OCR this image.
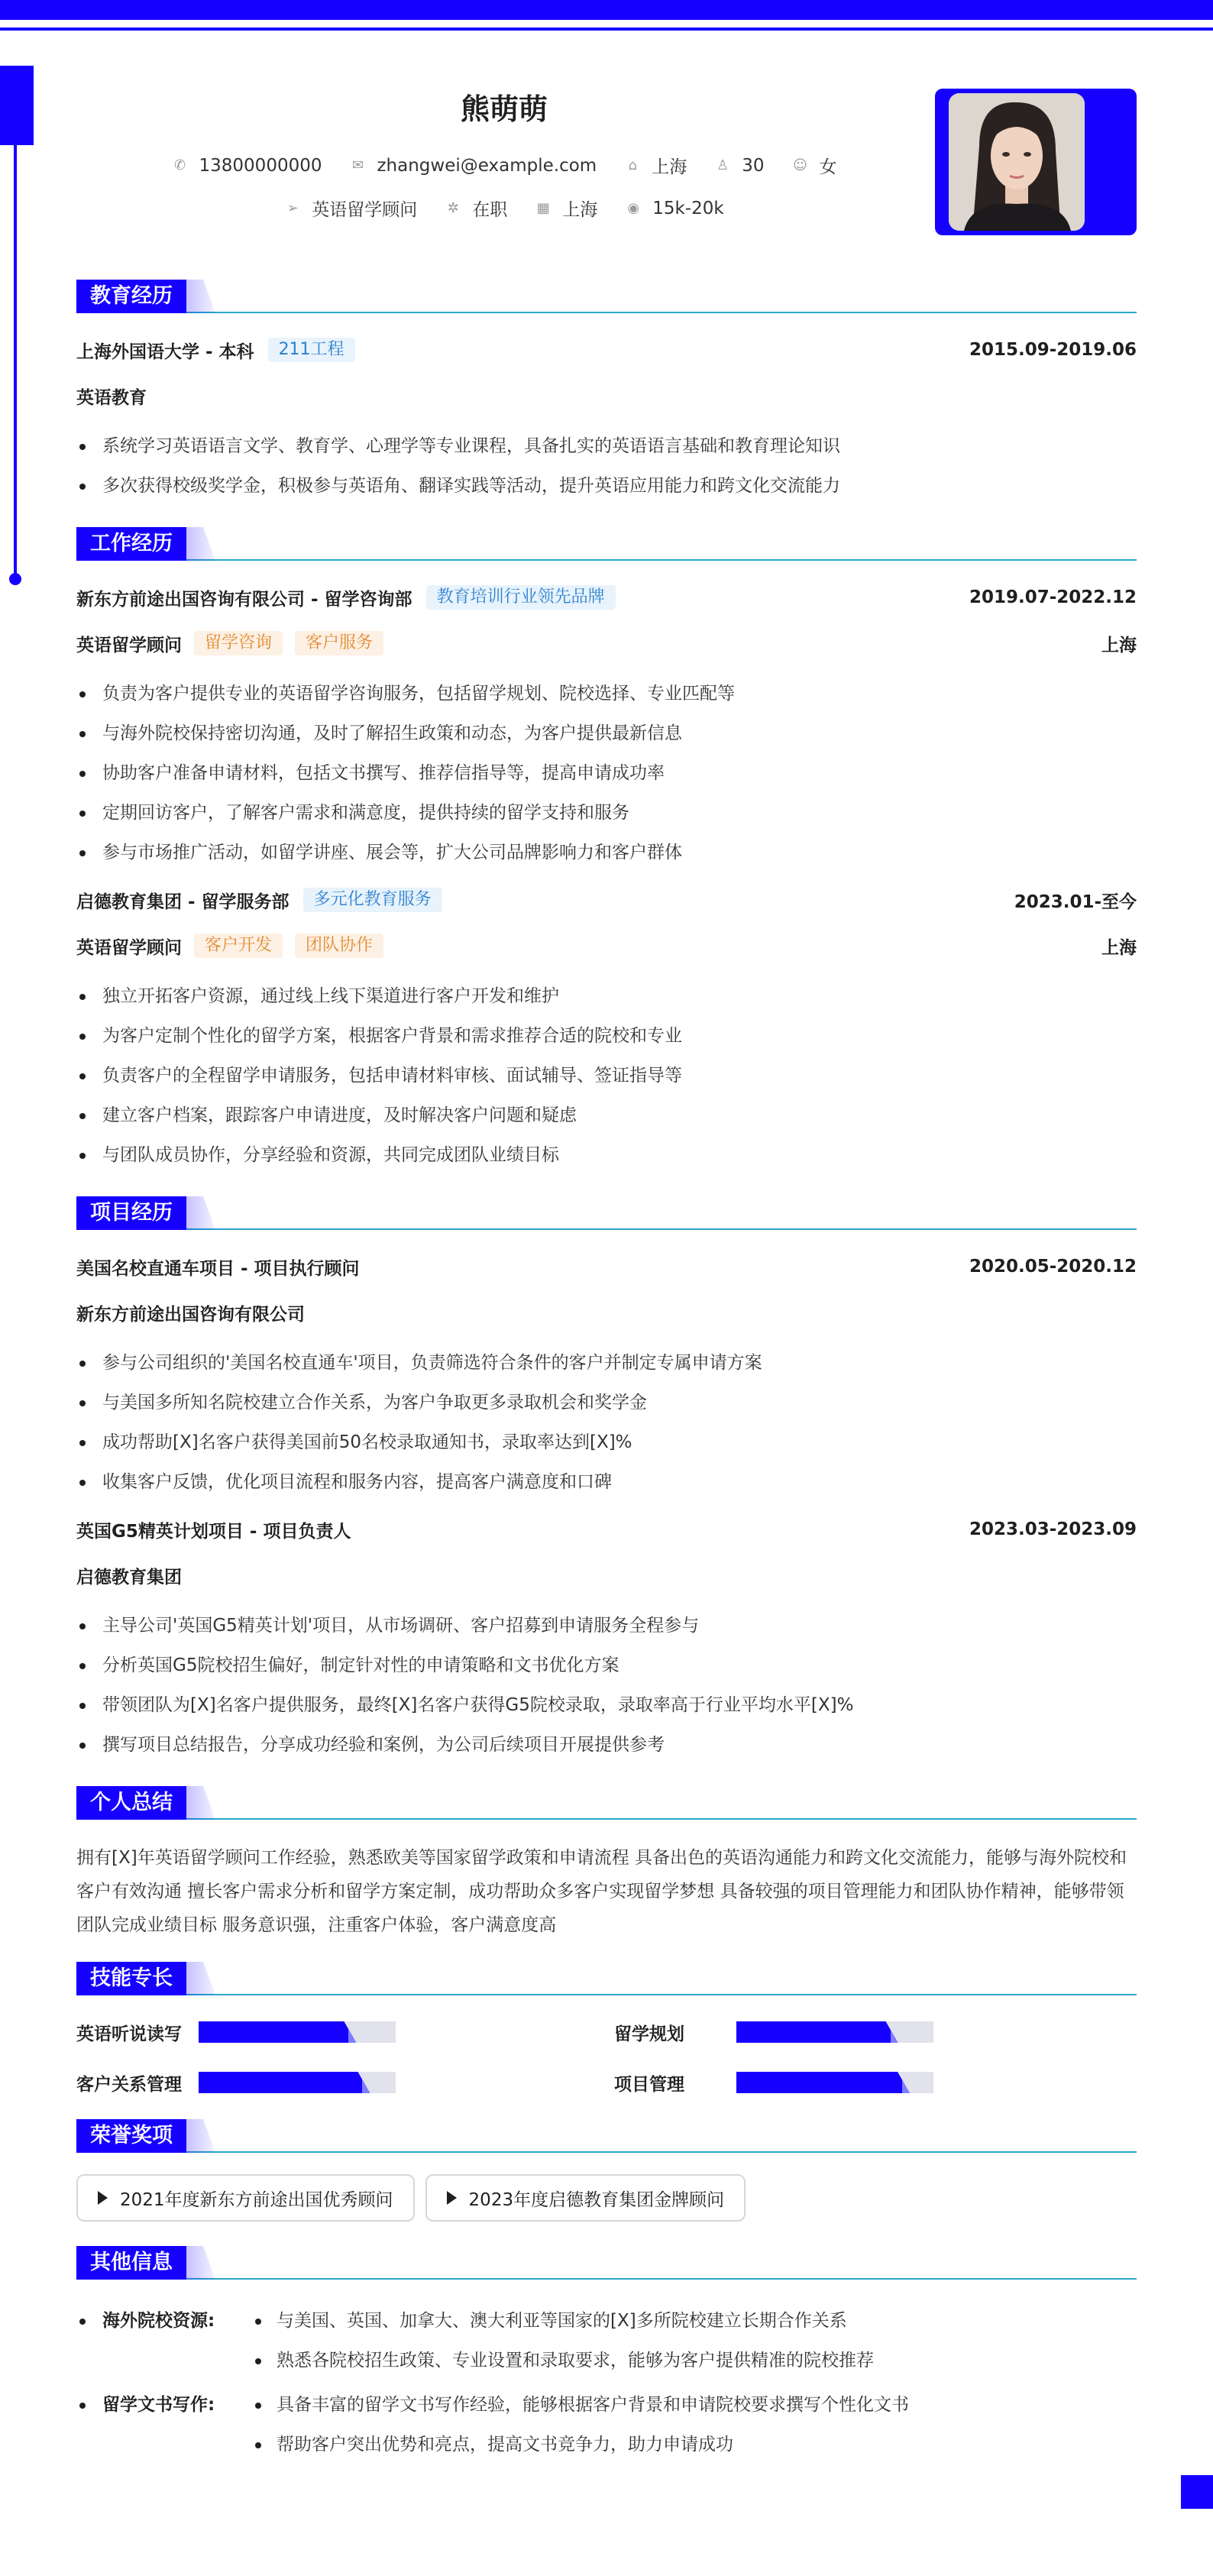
熊萌萌
✆ 13800000000 ✉ zhangwei@example.com ⌂ 上海 ♙ 30 ☺ 女
➢ 英语留学顾问 ✲ 在职 ▦ 上海 ◉ 15k-20k
教育经历
上海外国语大学 - 本科	211工程	2015.09-2019.06
英语教育
系统学习英语语言文学、教育学、心理学等专业课程，具备扎实的英语语言基础和教育理论知识
多次获得校级奖学金，积极参与英语角、翻译实践等活动，提升英语应用能力和跨文化交流能力
工作经历
新东方前途出国咨询有限公司 - 留学咨询部	教育培训行业领先品牌	2019.07-2022.12
英语留学顾问	留学咨询	客户服务	上海
负责为客户提供专业的英语留学咨询服务，包括留学规划、院校选择、专业匹配等
与海外院校保持密切沟通，及时了解招生政策和动态，为客户提供最新信息
协助客户准备申请材料，包括文书撰写、推荐信指导等，提高申请成功率
定期回访客户，了解客户需求和满意度，提供持续的留学支持和服务
参与市场推广活动，如留学讲座、展会等，扩大公司品牌影响力和客户群体
启德教育集团 - 留学服务部	多元化教育服务	2023.01-至今
英语留学顾问	客户开发	团队协作	上海
独立开拓客户资源，通过线上线下渠道进行客户开发和维护
为客户定制个性化的留学方案，根据客户背景和需求推荐合适的院校和专业
负责客户的全程留学申请服务，包括申请材料审核、面试辅导、签证指导等
建立客户档案，跟踪客户申请进度，及时解决客户问题和疑虑
与团队成员协作，分享经验和资源，共同完成团队业绩目标
项目经历
美国名校直通车项目 - 项目执行顾问	2020.05-2020.12
新东方前途出国咨询有限公司
参与公司组织的'美国名校直通车'项目，负责筛选符合条件的客户并制定专属申请方案
与美国多所知名院校建立合作关系，为客户争取更多录取机会和奖学金
成功帮助[X]名客户获得美国前50名校录取通知书，录取率达到[X]%
收集客户反馈，优化项目流程和服务内容，提高客户满意度和口碑
英国G5精英计划项目 - 项目负责人	2023.03-2023.09
启德教育集团
主导公司'英国G5精英计划'项目，从市场调研、客户招募到申请服务全程参与
分析英国G5院校招生偏好，制定针对性的申请策略和文书优化方案
带领团队为[X]名客户提供服务，最终[X]名客户获得G5院校录取，录取率高于行业平均水平[X]%
撰写项目总结报告，分享成功经验和案例，为公司后续项目开展提供参考
个人总结

拥有[X]年英语留学顾问工作经验，熟悉欧美等国家留学政策和申请流程 具备出色的英语沟通能力和跨文化交流能力，能够与海外院校和客户有效沟通 擅长客户需求分析和留学方案定制，成功帮助众多客户实现留学梦想 具备较强的项目管理能力和团队协作精神，能够带领团队完成业绩目标 服务意识强，注重客户体验，客户满意度高

技能专长
英语听说读写	留学规划
客户关系管理	项目管理
荣誉奖项
2021年度新东方前途出国优秀顾问	2023年度启德教育集团金牌顾问
其他信息
海外院校资源:	与美国、英国、加拿大、澳大利亚等国家的[X]多所院校建立长期合作关系
熟悉各院校招生政策、专业设置和录取要求，能够为客户提供精准的院校推荐
留学文书写作:	具备丰富的留学文书写作经验，能够根据客户背景和申请院校要求撰写个性化文书
帮助客户突出优势和亮点，提高文书竞争力，助力申请成功
